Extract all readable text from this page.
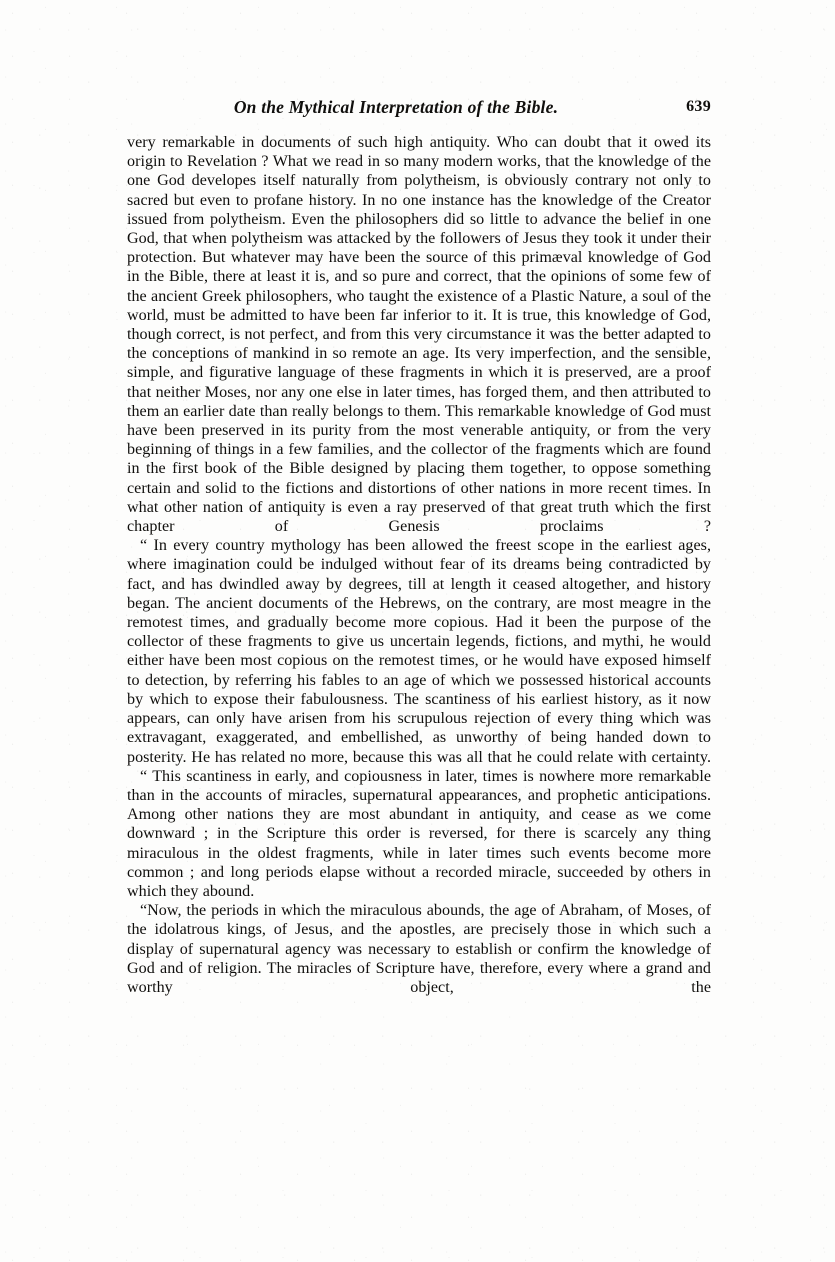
On the Mythical Interpretation of the Bible.	639

very remarkable in documents of such high antiquity. Who can doubt that it owed its origin to Revelation ? What we read in so many modern works, that the knowledge of the one God developes itself naturally from polytheism, is obviously contrary not only to sacred but even to profane history. In no one instance has the knowledge of the Creator issued from polytheism. Even the philosophers did so little to advance the belief in one God, that when polytheism was attacked by the followers of Jesus they took it under their protection. But whatever may have been the source of this primæval knowledge of God in the Bible, there at least it is, and so pure and correct, that the opinions of some few of the ancient Greek philosophers, who taught the existence of a Plastic Nature, a soul of the world, must be admitted to have been far inferior to it. It is true, this knowledge of God, though correct, is not perfect, and from this very circumstance it was the better adapted to the conceptions of mankind in so remote an age. Its very imperfection, and the sensible, simple, and figurative language of these fragments in which it is preserved, are a proof that neither Moses, nor any one else in later times, has forged them, and then attributed to them an earlier date than really belongs to them. This remarkable knowledge of God must have been preserved in its purity from the most venerable antiquity, or from the very beginning of things in a few families, and the collector of the fragments which are found in the first book of the Bible designed by placing them together, to oppose something certain and solid to the fictions and distortions of other nations in more recent times. In what other nation of antiquity is even a ray preserved of that great truth which the first chapter of Genesis proclaims ?

“ In every country mythology has been allowed the freest scope in the earliest ages, where imagination could be indulged without fear of its dreams being contradicted by fact, and has dwindled away by degrees, till at length it ceased altogether, and history began. The ancient documents of the Hebrews, on the contrary, are most meagre in the remotest times, and gradually become more copious. Had it been the purpose of the collector of these fragments to give us uncertain legends, fictions, and mythi, he would either have been most copious on the remotest times, or he would have exposed himself to detection, by referring his fables to an age of which we possessed historical accounts by which to expose their fabulousness. The scantiness of his earliest history, as it now appears, can only have arisen from his scrupulous rejection of every thing which was extravagant, exaggerated, and embellished, as unworthy of being handed down to posterity. He has related no more, because this was all that he could relate with certainty.

“ This scantiness in early, and copiousness in later, times is nowhere more remarkable than in the accounts of miracles, supernatural appearances, and prophetic anticipations. Among other nations they are most abundant in antiquity, and cease as we come downward ; in the Scripture this order is reversed, for there is scarcely any thing miraculous in the oldest fragments, while in later times such events become more common ; and long periods elapse without a recorded miracle, succeeded by others in which they abound.

“Now, the periods in which the miraculous abounds, the age of Abraham, of Moses, of the idolatrous kings, of Jesus, and the apostles, are precisely those in which such a display of supernatural agency was necessary to establish or confirm the knowledge of God and of religion. The miracles of Scripture have, therefore, every where a grand and worthy object, the
